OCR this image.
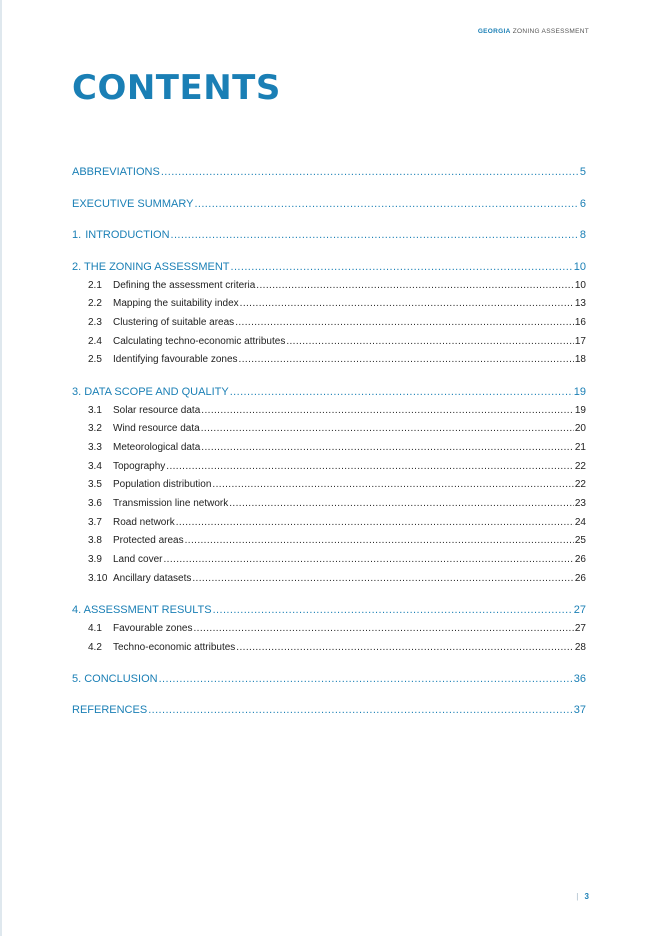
GEORGIA ZONING ASSESSMENT
CONTENTS
ABBREVIATIONS .....	5
EXECUTIVE SUMMARY .....	6
1. INTRODUCTION .....	8
2. THE ZONING ASSESSMENT .....	10
2.1	Defining the assessment criteria .....	10
2.2	Mapping the suitability index .....	13
2.3	Clustering of suitable areas .....	16
2.4	Calculating techno-economic attributes .....	17
2.5	Identifying favourable zones .....	18
3. DATA SCOPE AND QUALITY .....	19
3.1	Solar resource data .....	19
3.2	Wind resource data .....	20
3.3	Meteorological data .....	21
3.4	Topography .....	22
3.5	Population distribution .....	22
3.6	Transmission line network .....	23
3.7	Road network .....	24
3.8	Protected areas .....	25
3.9	Land cover .....	26
3.10 Ancillary datasets .....	26
4. ASSESSMENT RESULTS .....	27
4.1	Favourable zones .....	27
4.2	Techno-economic attributes .....	28
5. CONCLUSION .....	36
REFERENCES .....	37
| 3
